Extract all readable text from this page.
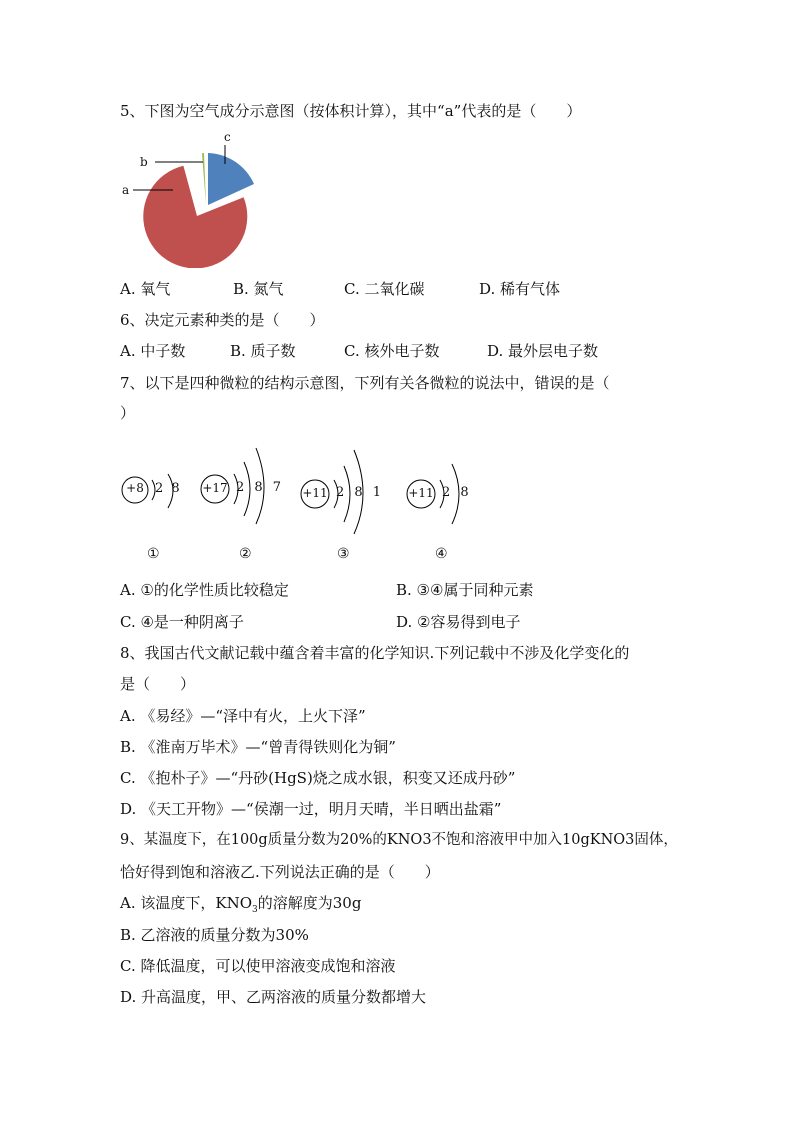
5、下图为空气成分示意图（按体积计算），其中“a”代表的是（　　）
c
b
a
A. 氧气	B. 氮气	C. 二氧化碳	D. 稀有气体
6、决定元素种类的是（　　）
A. 中子数	B. 质子数	C. 核外电子数	D. 最外层电子数
7、以下是四种微粒的结构示意图，下列有关各微粒的说法中，错误的是（
）
+8 2 8 +17 2 8 7 +11 2 8 1 +11 2 8
①	②	③	④
A. ①的化学性质比较稳定	B. ③④属于同种元素
C. ④是一种阴离子	D. ②容易得到电子
8、我国古代文献记载中蕴含着丰富的化学知识.下列记载中不涉及化学变化的
是（　　）
A. 《易经》—“泽中有火，上火下泽”
B. 《淮南万毕术》—“曾青得铁则化为铜”
C. 《抱朴子》—“丹砂(HgS)烧之成水银，积变又还成丹砂”
D. 《天工开物》—“侯潮一过，明月天晴，半日晒出盐霜”
9、某温度下，在100g质量分数为20%的KNO3不饱和溶液甲中加入10gKNO3固体，
恰好得到饱和溶液乙.下列说法正确的是（　　）
A. 该温度下，$KNO_3$的溶解度为30g
B. 乙溶液的质量分数为30%
C. 降低温度，可以使甲溶液变成饱和溶液
D. 升高温度，甲、乙两溶液的质量分数都增大
